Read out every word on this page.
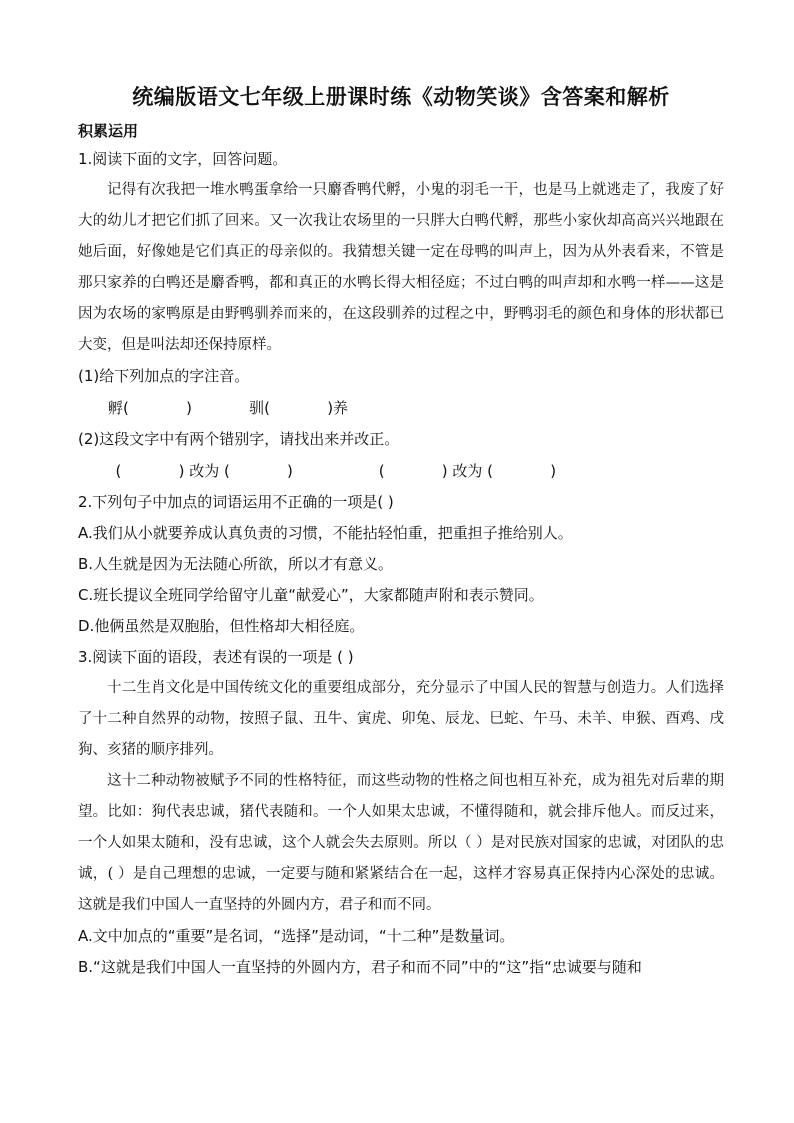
统编版语文七年级上册课时练《动物笑谈》含答案和解析

积累运用

1.阅读下面的文字，回答问题。

记得有次我把一堆水鸭蛋拿给一只麝香鸭代孵，小鬼的羽毛一干，也是马上就逃走了，我废了好大的幼儿才把它们抓了回来。又一次我让农场里的一只胖大白鸭代孵，那些小家伙却高高兴兴地跟在她后面，好像她是它们真正的母亲似的。我猜想关键一定在母鸭的叫声上，因为从外表看来，不管是那只家养的白鸭还是麝香鸭，都和真正的水鸭长得大相径庭；不过白鸭的叫声却和水鸭一样——这是因为农场的家鸭原是由野鸭驯养而来的，在这段驯养的过程之中，野鸭羽毛的颜色和身体的形状都已大变，但是叫法却还保持原样。

(1)给下列加点的字注音。

孵(            )            驯(            )养

(2)这段文字中有两个错别字，请找出来并改正。

(            ) 改为 (            )                  (            ) 改为 (            )

2.下列句子中加点的词语运用不正确的一项是( )

A.我们从小就要养成认真负责的习惯，不能拈轻怕重，把重担子推给别人。

B.人生就是因为无法随心所欲，所以才有意义。

C.班长提议全班同学给留守儿童“献爱心”，大家都随声附和表示赞同。

D.他俩虽然是双胞胎，但性格却大相径庭。

3.阅读下面的语段，表述有误的一项是 ( )

十二生肖文化是中国传统文化的重要组成部分，充分显示了中国人民的智慧与创造力。人们选择了十二种自然界的动物，按照子鼠、丑牛、寅虎、卯兔、辰龙、巳蛇、午马、未羊、申猴、酉鸡、戌狗、亥猪的顺序排列。

这十二种动物被赋予不同的性格特征，而这些动物的性格之间也相互补充，成为祖先对后辈的期望。比如：狗代表忠诚，猪代表随和。一个人如果太忠诚，不懂得随和，就会排斥他人。而反过来，一个人如果太随和，没有忠诚，这个人就会失去原则。所以（ ）是对民族对国家的忠诚，对团队的忠诚，( ）是自己理想的忠诚，一定要与随和紧紧结合在一起，这样才容易真正保持内心深处的忠诚。这就是我们中国人一直坚持的外圆内方，君子和而不同。

A.文中加点的“重要”是名词，“选择”是动词，“十二种”是数量词。

B.“这就是我们中国人一直坚持的外圆内方，君子和而不同”中的“这”指“忠诚要与随和
